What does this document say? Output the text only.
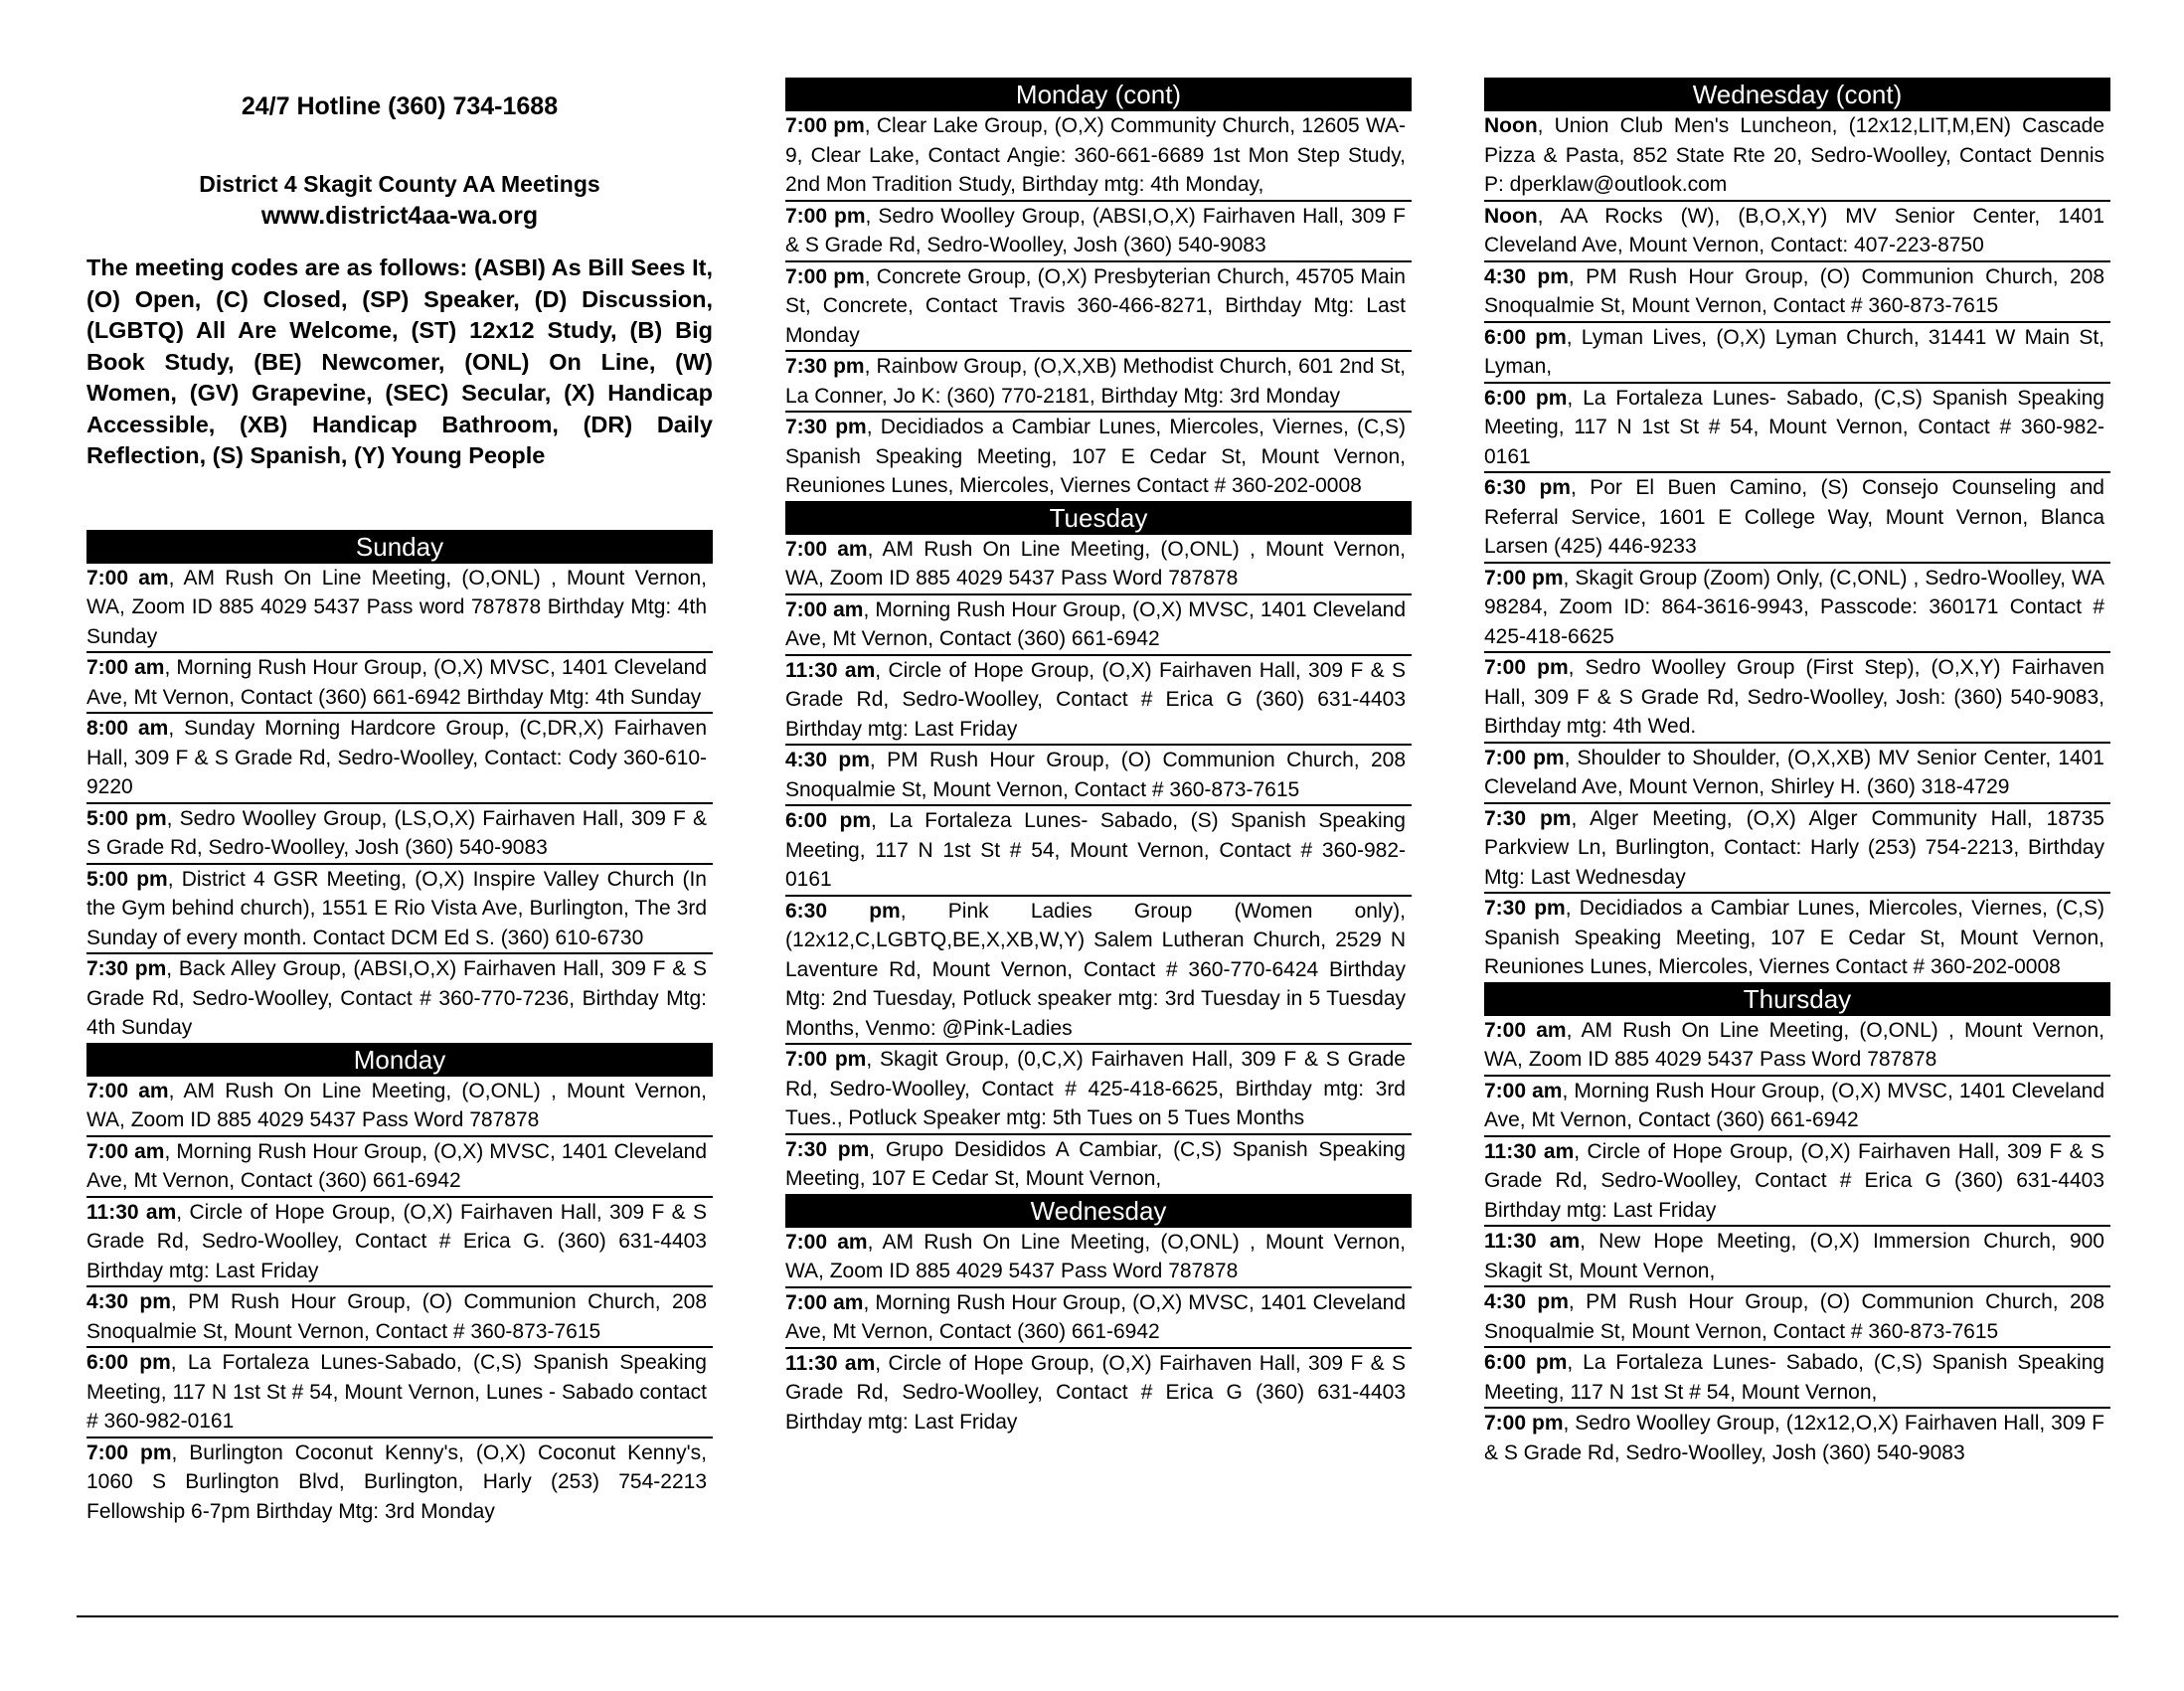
24/7 Hotline (360) 734-1688
District 4 Skagit County AA Meetings
www.district4aa-wa.org
The meeting codes are as follows: (ASBI) As Bill Sees It, (O) Open, (C) Closed, (SP) Speaker, (D) Discussion, (LGBTQ) All Are Welcome, (ST) 12x12 Study, (B) Big Book Study, (BE) Newcomer, (ONL) On Line, (W) Women, (GV) Grapevine, (SEC) Secular, (X) Handicap Accessible, (XB) Handicap Bathroom, (DR) Daily Reflection, (S) Spanish, (Y) Young People
Sunday
7:00 am, AM Rush On Line Meeting, (O,ONL) , Mount Vernon, WA, Zoom ID 885 4029 5437 Pass word 787878 Birthday Mtg: 4th Sunday
7:00 am, Morning Rush Hour Group, (O,X) MVSC, 1401 Cleveland Ave, Mt Vernon, Contact (360) 661-6942 Birthday Mtg: 4th Sunday
8:00 am, Sunday Morning Hardcore Group, (C,DR,X) Fairhaven Hall, 309 F & S Grade Rd, Sedro-Woolley, Contact: Cody 360-610-9220
5:00 pm, Sedro Woolley Group, (LS,O,X) Fairhaven Hall, 309 F & S Grade Rd, Sedro-Woolley, Josh (360) 540-9083
5:00 pm, District 4 GSR Meeting, (O,X) Inspire Valley Church (In the Gym behind church), 1551 E Rio Vista Ave, Burlington, The 3rd Sunday of every month. Contact DCM Ed S. (360) 610-6730
7:30 pm, Back Alley Group, (ABSI,O,X) Fairhaven Hall, 309 F & S Grade Rd, Sedro-Woolley, Contact # 360-770-7236, Birthday Mtg: 4th Sunday
Monday
7:00 am, AM Rush On Line Meeting, (O,ONL) , Mount Vernon, WA, Zoom ID 885 4029 5437 Pass Word 787878
7:00 am, Morning Rush Hour Group, (O,X) MVSC, 1401 Cleveland Ave, Mt Vernon, Contact (360) 661-6942
11:30 am, Circle of Hope Group, (O,X) Fairhaven Hall, 309 F & S Grade Rd, Sedro-Woolley, Contact # Erica G. (360) 631-4403 Birthday mtg: Last Friday
4:30 pm, PM Rush Hour Group, (O) Communion Church, 208 Snoqualmie St, Mount Vernon, Contact # 360-873-7615
6:00 pm, La Fortaleza Lunes-Sabado, (C,S) Spanish Speaking Meeting, 117 N 1st St # 54, Mount Vernon, Lunes - Sabado contact # 360-982-0161
7:00 pm, Burlington Coconut Kenny's, (O,X) Coconut Kenny's, 1060 S Burlington Blvd, Burlington, Harly (253) 754-2213 Fellowship 6-7pm Birthday Mtg: 3rd Monday
Monday (cont)
7:00 pm, Clear Lake Group, (O,X) Community Church, 12605 WA-9, Clear Lake, Contact Angie: 360-661-6689 1st Mon Step Study, 2nd Mon Tradition Study, Birthday mtg: 4th Monday,
7:00 pm, Sedro Woolley Group, (ABSI,O,X) Fairhaven Hall, 309 F & S Grade Rd, Sedro-Woolley, Josh (360) 540-9083
7:00 pm, Concrete Group, (O,X) Presbyterian Church, 45705 Main St, Concrete, Contact Travis 360-466-8271, Birthday Mtg: Last Monday
7:30 pm, Rainbow Group, (O,X,XB) Methodist Church, 601 2nd St, La Conner, Jo K: (360) 770-2181, Birthday Mtg: 3rd Monday
7:30 pm, Decidiados a Cambiar Lunes, Miercoles, Viernes, (C,S) Spanish Speaking Meeting, 107 E Cedar St, Mount Vernon, Reuniones Lunes, Miercoles, Viernes Contact # 360-202-0008
Tuesday
7:00 am, AM Rush On Line Meeting, (O,ONL) , Mount Vernon, WA, Zoom ID 885 4029 5437 Pass Word 787878
7:00 am, Morning Rush Hour Group, (O,X) MVSC, 1401 Cleveland Ave, Mt Vernon, Contact (360) 661-6942
11:30 am, Circle of Hope Group, (O,X) Fairhaven Hall, 309 F & S Grade Rd, Sedro-Woolley, Contact # Erica G (360) 631-4403 Birthday mtg: Last Friday
4:30 pm, PM Rush Hour Group, (O) Communion Church, 208 Snoqualmie St, Mount Vernon, Contact # 360-873-7615
6:00 pm, La Fortaleza Lunes- Sabado, (S) Spanish Speaking Meeting, 117 N 1st St # 54, Mount Vernon, Contact # 360-982-0161
6:30 pm, Pink Ladies Group (Women only), (12x12,C,LGBTQ,BE,X,XB,W,Y) Salem Lutheran Church, 2529 N Laventure Rd, Mount Vernon, Contact # 360-770-6424 Birthday Mtg: 2nd Tuesday, Potluck speaker mtg: 3rd Tuesday in 5 Tuesday Months, Venmo: @Pink-Ladies
7:00 pm, Skagit Group, (0,C,X) Fairhaven Hall, 309 F & S Grade Rd, Sedro-Woolley, Contact # 425-418-6625, Birthday mtg: 3rd Tues., Potluck Speaker mtg: 5th Tues on 5 Tues Months
7:30 pm, Grupo Desididos A Cambiar, (C,S) Spanish Speaking Meeting, 107 E Cedar St, Mount Vernon,
Wednesday
7:00 am, AM Rush On Line Meeting, (O,ONL) , Mount Vernon, WA, Zoom ID 885 4029 5437 Pass Word 787878
7:00 am, Morning Rush Hour Group, (O,X) MVSC, 1401 Cleveland Ave, Mt Vernon, Contact (360) 661-6942
11:30 am, Circle of Hope Group, (O,X) Fairhaven Hall, 309 F & S Grade Rd, Sedro-Woolley, Contact # Erica G (360) 631-4403 Birthday mtg: Last Friday
Wednesday (cont)
Noon, Union Club Men's Luncheon, (12x12,LIT,M,EN) Cascade Pizza & Pasta, 852 State Rte 20, Sedro-Woolley, Contact Dennis P: dperklaw@outlook.com
Noon, AA Rocks (W), (B,O,X,Y) MV Senior Center, 1401 Cleveland Ave, Mount Vernon, Contact: 407-223-8750
4:30 pm, PM Rush Hour Group, (O) Communion Church, 208 Snoqualmie St, Mount Vernon, Contact # 360-873-7615
6:00 pm, Lyman Lives, (O,X) Lyman Church, 31441 W Main St, Lyman,
6:00 pm, La Fortaleza Lunes- Sabado, (C,S) Spanish Speaking Meeting, 117 N 1st St # 54, Mount Vernon, Contact # 360-982-0161
6:30 pm, Por El Buen Camino, (S) Consejo Counseling and Referral Service, 1601 E College Way, Mount Vernon, Blanca Larsen (425) 446-9233
7:00 pm, Skagit Group (Zoom) Only, (C,ONL) , Sedro-Woolley, WA 98284, Zoom ID: 864-3616-9943, Passcode: 360171 Contact # 425-418-6625
7:00 pm, Sedro Woolley Group (First Step), (O,X,Y) Fairhaven Hall, 309 F & S Grade Rd, Sedro-Woolley, Josh: (360) 540-9083, Birthday mtg: 4th Wed.
7:00 pm, Shoulder to Shoulder, (O,X,XB) MV Senior Center, 1401 Cleveland Ave, Mount Vernon, Shirley H. (360) 318-4729
7:30 pm, Alger Meeting, (O,X) Alger Community Hall, 18735 Parkview Ln, Burlington, Contact: Harly (253) 754-2213, Birthday Mtg: Last Wednesday
7:30 pm, Decidiados a Cambiar Lunes, Miercoles, Viernes, (C,S) Spanish Speaking Meeting, 107 E Cedar St, Mount Vernon, Reuniones Lunes, Miercoles, Viernes Contact # 360-202-0008
Thursday
7:00 am, AM Rush On Line Meeting, (O,ONL) , Mount Vernon, WA, Zoom ID 885 4029 5437 Pass Word 787878
7:00 am, Morning Rush Hour Group, (O,X) MVSC, 1401 Cleveland Ave, Mt Vernon, Contact (360) 661-6942
11:30 am, Circle of Hope Group, (O,X) Fairhaven Hall, 309 F & S Grade Rd, Sedro-Woolley, Contact # Erica G (360) 631-4403 Birthday mtg: Last Friday
11:30 am, New Hope Meeting, (O,X) Immersion Church, 900 Skagit St, Mount Vernon,
4:30 pm, PM Rush Hour Group, (O) Communion Church, 208 Snoqualmie St, Mount Vernon, Contact # 360-873-7615
6:00 pm, La Fortaleza Lunes- Sabado, (C,S) Spanish Speaking Meeting, 117 N 1st St # 54, Mount Vernon,
7:00 pm, Sedro Woolley Group, (12x12,O,X) Fairhaven Hall, 309 F & S Grade Rd, Sedro-Woolley, Josh (360) 540-9083
